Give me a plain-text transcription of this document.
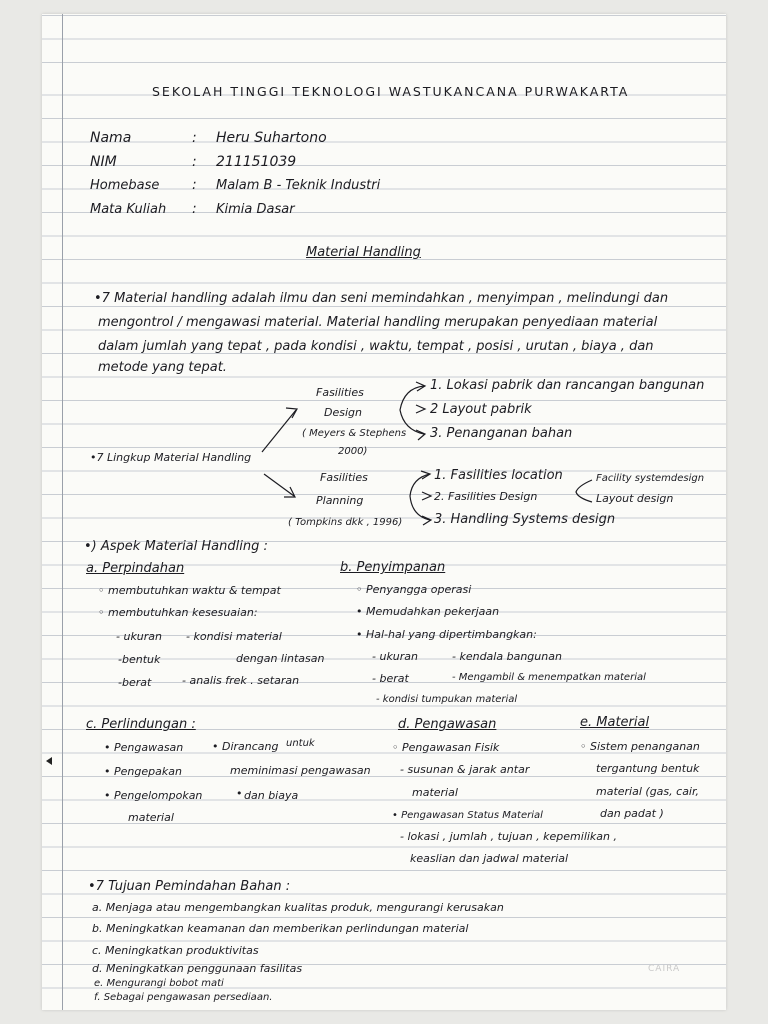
SEKOLAH TINGGI TEKNOLOGI WASTUKANCANA PURWAKARTA
Nama	: Heru Suhartono
NIM	: 211151039
Homebase : Malam B - Teknik Industri
Mata Kuliah : Kimia Dasar
Material Handling
•7 Material handling adalah ilmu dan seni memindahkan , menyimpan , melindungi dan
mengontrol / mengawasi material. Material handling merupakan penyediaan material
dalam jumlah yang tepat , pada kondisi , waktu, tempat , posisi , urutan , biaya , dan
metode yang tepat.
Fasilities
Design
( Meyers & Stephens
2000)
1. Lokasi pabrik dan rancangan bangunan
2 Layout pabrik
3. Penanganan bahan
•7 Lingkup Material Handling
Fasilities
Planning
( Tompkins dkk , 1996)
1. Fasilities location
2. Fasilities Design
3. Handling Systems design
Facility systemdesign
Layout design
•) Aspek Material Handling :
a. Perpindahan
◦ membutuhkan waktu & tempat
◦ membutuhkan kesesuaian:
- ukuran - kondisi material
-bentuk	dengan lintasan
-berat	- analis frek . setaran
b. Penyimpanan
◦ Penyangga operasi
• Memudahkan pekerjaan
• Hal-hal yang dipertimbangkan:
- ukuran	- kendala bangunan
- berat	- Mengambil & menempatkan material
- kondisi tumpukan material
c. Perlindungan :
• Pengawasan	• Dirancang untuk
• Pengepakan	meminimasi pengawasan
• Pengelompokan	• dan biaya
material
d. Pengawasan
◦ Pengawasan Fisik
- susunan & jarak antar
material
• Pengawasan Status Material
- lokasi , jumlah , tujuan , kepemilikan ,
keaslian dan jadwal material
e. Material
◦ Sistem penanganan
tergantung bentuk
material (gas, cair,
dan padat )
•7 Tujuan Pemindahan Bahan :
a. Menjaga atau mengembangkan kualitas produk, mengurangi kerusakan
b. Meningkatkan keamanan dan memberikan perlindungan material
c. Meningkatkan produktivitas
d. Meningkatkan penggunaan fasilitas
e. Mengurangi bobot mati
f. Sebagai pengawasan persediaan.
CAIRA
